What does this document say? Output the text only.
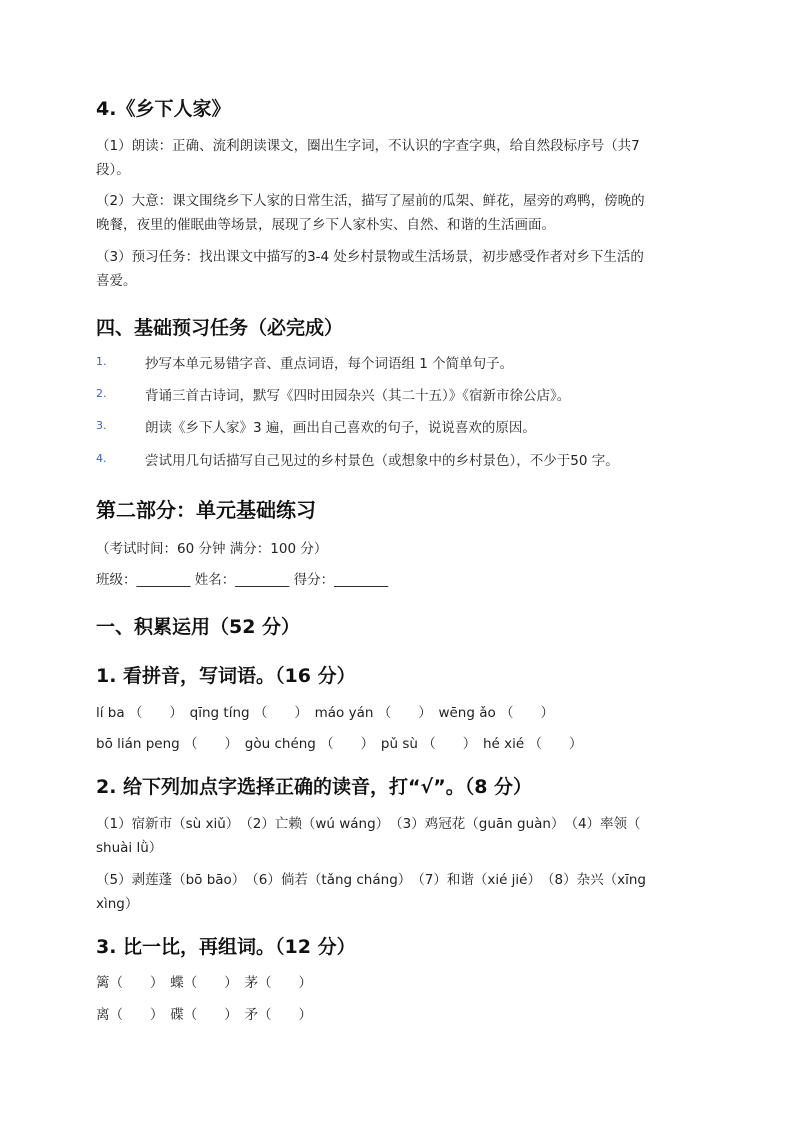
4.《乡下人家》
（1）朗读：正确、流利朗读课文，圈出生字词，不认识的字查字典，给自然段标序号（共7
段）。
（2）大意：课文围绕乡下人家的日常生活，描写了屋前的瓜架、鲜花，屋旁的鸡鸭，傍晚的
晚餐，夜里的催眠曲等场景，展现了乡下人家朴实、自然、和谐的生活画面。
（3）预习任务：找出课文中描写的3-4 处乡村景物或生活场景，初步感受作者对乡下生活的
喜爱。
四、基础预习任务（必完成）
1.	抄写本单元易错字音、重点词语，每个词语组 1 个简单句子。
2.	背诵三首古诗词，默写《四时田园杂兴（其二十五）》《宿新市徐公店》。
3.	朗读《乡下人家》3 遍，画出自己喜欢的句子，说说喜欢的原因。
4.	尝试用几句话描写自己见过的乡村景色（或想象中的乡村景色），不少于50 字。
第二部分：单元基础练习
（考试时间：60 分钟 满分：100 分）
班级：________ 姓名：________ 得分：________
一、积累运用（52 分）
1. 看拼音，写词语。（16 分）
lí ba （　　）　qīng tíng （　　）　máo yán （　　）　wēng ǎo （　　）
bō lián peng （　　）　gòu chéng （　　）　pǔ sù （　　）　hé xié （　　）
2. 给下列加点字选择正确的读音，打“√”。（8 分）
（1）宿新市（sù xiǔ）　（2）亡赖（wú wáng）　（3）鸡冠花（guān guàn）　（4）率领（
shuài lǜ）
（5）剥莲蓬（bō bāo）　（6）倘若（tǎng cháng）　（7）和谐（xié jié）　（8）杂兴（xīng
xìng）
3. 比一比，再组词。（12 分）
篱（　　）　蝶（　　）　茅（　　）
离（　　）　碟（　　）　矛（　　）
